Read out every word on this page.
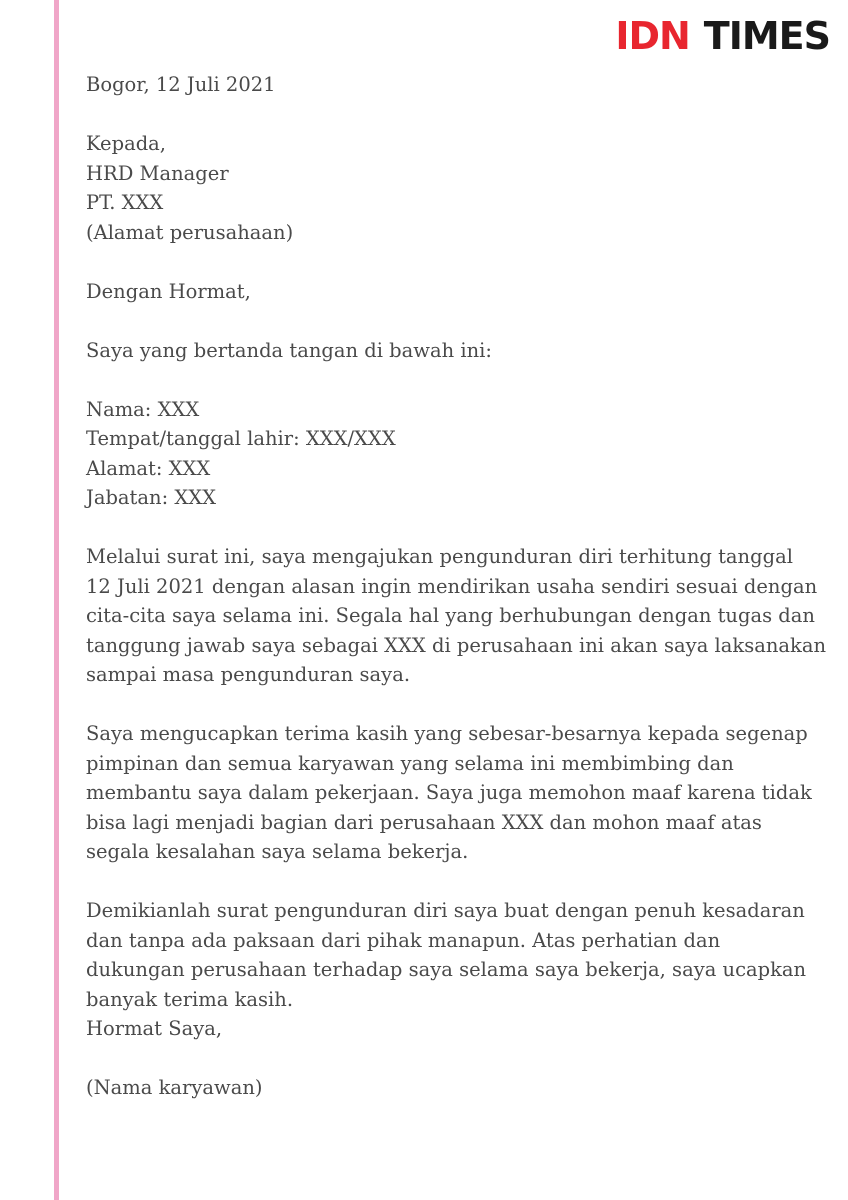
IDN TIMES

Bogor, 12 Juli 2021

Kepada,

HRD Manager

PT. XXX

(Alamat perusahaan)

Dengan Hormat,

Saya yang bertanda tangan di bawah ini:

Nama: XXX

Tempat/tanggal lahir: XXX/XXX

Alamat: XXX

Jabatan: XXX

Melalui surat ini, saya mengajukan pengunduran diri terhitung tanggal

12 Juli 2021 dengan alasan ingin mendirikan usaha sendiri sesuai dengan

cita-cita saya selama ini. Segala hal yang berhubungan dengan tugas dan

tanggung jawab saya sebagai XXX di perusahaan ini akan saya laksanakan

sampai masa pengunduran saya.

Saya mengucapkan terima kasih yang sebesar-besarnya kepada segenap

pimpinan dan semua karyawan yang selama ini membimbing dan

membantu saya dalam pekerjaan. Saya juga memohon maaf karena tidak

bisa lagi menjadi bagian dari perusahaan XXX dan mohon maaf atas

segala kesalahan saya selama bekerja.

Demikianlah surat pengunduran diri saya buat dengan penuh kesadaran

dan tanpa ada paksaan dari pihak manapun. Atas perhatian dan

dukungan perusahaan terhadap saya selama saya bekerja, saya ucapkan

banyak terima kasih.

Hormat Saya,

(Nama karyawan)
